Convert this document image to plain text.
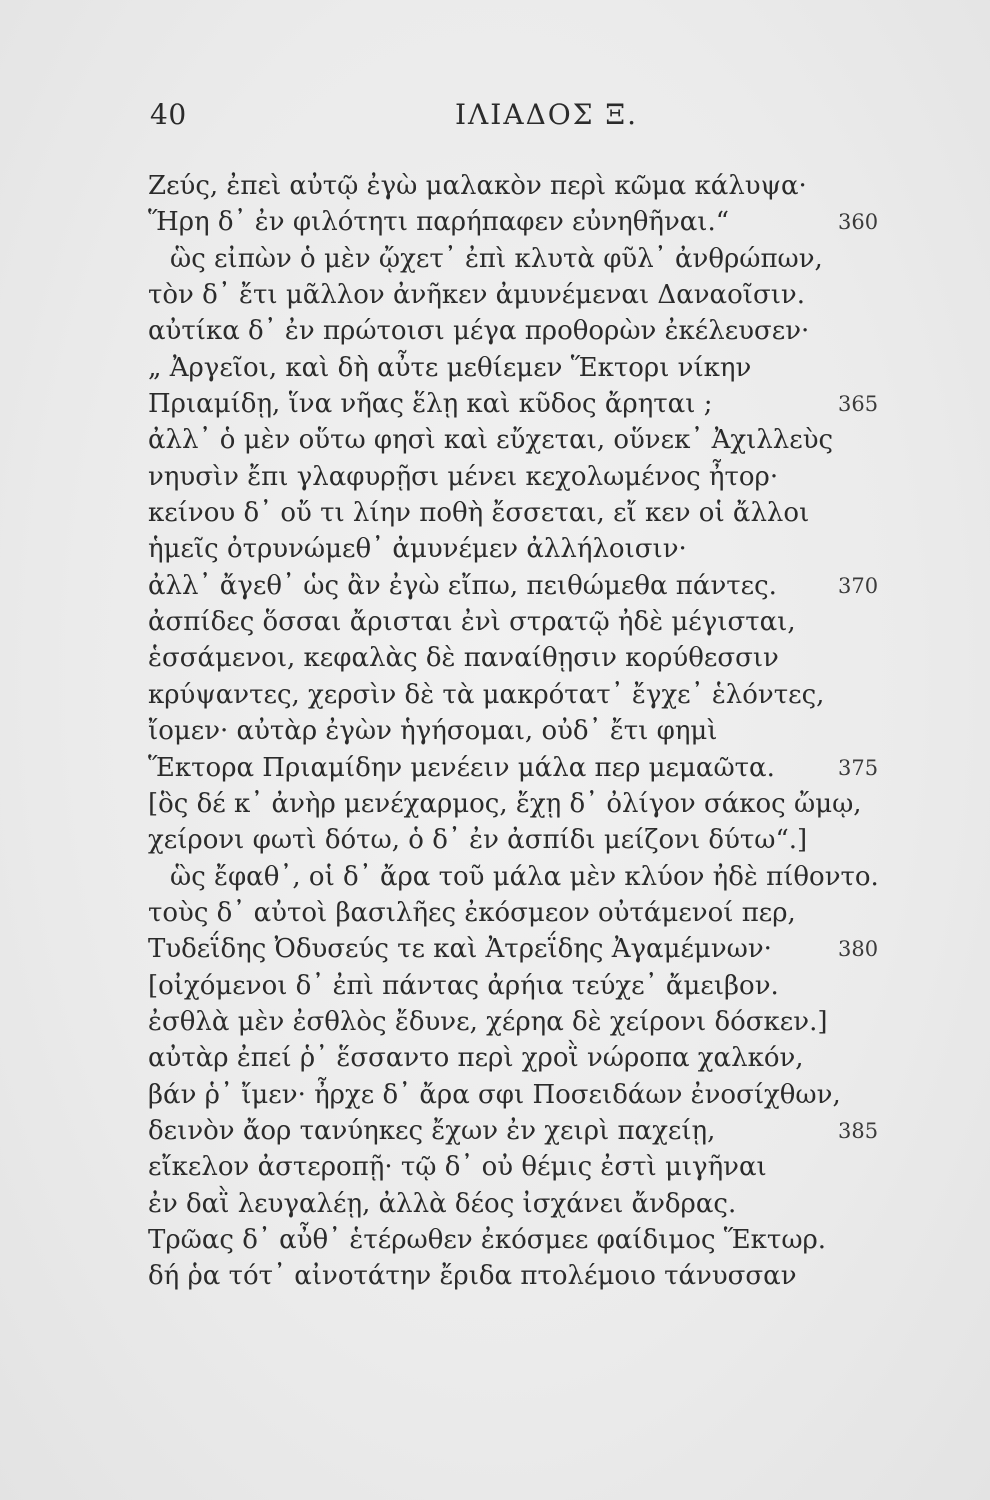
40	ΙΛΙΑΔΟΣ Ξ.
Ζεύς, ἐπεὶ αὐτῷ ἐγὼ μαλακὸν περὶ κῶμα κάλυψα·
Ἥρη δ᾽ ἐν φιλότητι παρήπαφεν εὐνηθῆναι.“	360
ὣς εἰπὼν ὁ μὲν ᾤχετ᾽ ἐπὶ κλυτὰ φῦλ᾽ ἀνθρώπων,
τὸν δ᾽ ἔτι μᾶλλον ἀνῆκεν ἀμυνέμεναι Δαναοῖσιν.
αὐτίκα δ᾽ ἐν πρώτοισι μέγα προθορὼν ἐκέλευσεν·
„ Ἀργεῖοι, καὶ δὴ αὖτε μεθίεμεν Ἕκτορι νίκην
Πριαμίδῃ, ἵνα νῆας ἕλῃ καὶ κῦδος ἄρηται ;	365
ἀλλ᾽ ὁ μὲν οὕτω φησὶ καὶ εὔχεται, οὕνεκ᾽ Ἀχιλλεὺς
νηυσὶν ἔπι γλαφυρῇσι μένει κεχολωμένος ἦτορ·
κείνου δ᾽ οὔ τι λίην ποθὴ ἔσσεται, εἴ κεν οἱ ἄλλοι
ἡμεῖς ὀτρυνώμεθ᾽ ἀμυνέμεν ἀλλήλοισιν·
ἀλλ᾽ ἄγεθ᾽ ὡς ἂν ἐγὼ εἴπω, πειθώμεθα πάντες.	370
ἀσπίδες ὅσσαι ἄρισται ἐνὶ στρατῷ ἠδὲ μέγισται,
ἑσσάμενοι, κεφαλὰς δὲ παναίθῃσιν κορύθεσσιν
κρύψαντες, χερσὶν δὲ τὰ μακρότατ᾽ ἔγχε᾽ ἑλόντες,
ἴομεν· αὐτὰρ ἐγὼν ἡγήσομαι, οὐδ᾽ ἔτι φημὶ
Ἕκτορα Πριαμίδην μενέειν μάλα περ μεμαῶτα.	375
[ὃς δέ κ᾽ ἀνὴρ μενέχαρμος, ἔχῃ δ᾽ ὀλίγον σάκος ὤμῳ,
χείρονι φωτὶ δότω, ὁ δ᾽ ἐν ἀσπίδι μείζονι δύτω“.]
ὣς ἔφαθ᾽, οἱ δ᾽ ἄρα τοῦ μάλα μὲν κλύον ἠδὲ πίθοντο.
τοὺς δ᾽ αὐτοὶ βασιλῆες ἐκόσμεον οὐτάμενοί περ,
Τυδεΐδης Ὀδυσεύς τε καὶ Ἀτρεΐδης Ἀγαμέμνων·	380
[οἰχόμενοι δ᾽ ἐπὶ πάντας ἀρήια τεύχε᾽ ἄμειβον.
ἐσθλὰ μὲν ἐσθλὸς ἔδυνε, χέρηα δὲ χείρονι δόσκεν.]
αὐτὰρ ἐπεί ῥ᾽ ἕσσαντο περὶ χροῒ νώροπα χαλκόν,
βάν ῥ᾽ ἴμεν· ἦρχε δ᾽ ἄρα σφι Ποσειδάων ἐνοσίχθων,
δεινὸν ἄορ τανύηκες ἔχων ἐν χειρὶ παχείῃ,	385
εἴκελον ἀστεροπῇ· τῷ δ᾽ οὐ θέμις ἐστὶ μιγῆναι
ἐν δαῒ λευγαλέῃ, ἀλλὰ δέος ἰσχάνει ἄνδρας.
Τρῶας δ᾽ αὖθ᾽ ἑτέρωθεν ἐκόσμεε φαίδιμος Ἕκτωρ.
δή ῥα τότ᾽ αἰνοτάτην ἔριδα πτολέμοιο τάνυσσαν
